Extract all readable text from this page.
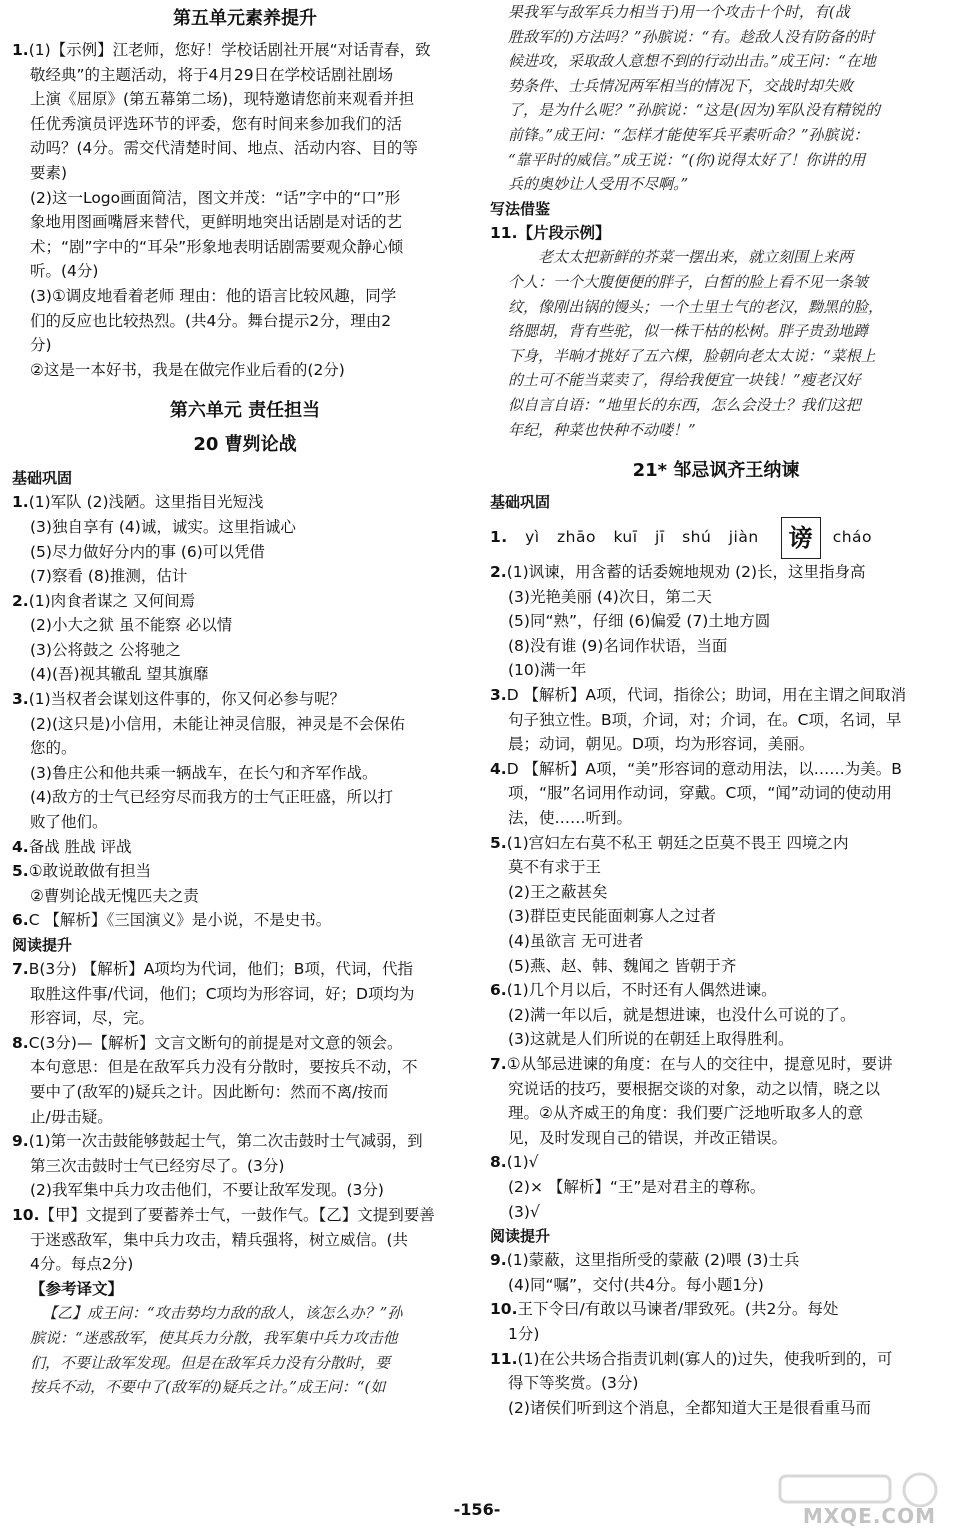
第五单元素养提升

1.(1)【示例】江老师，您好！学校话剧社开展“对话青春，致

敬经典”的主题活动，将于4月29日在学校话剧社剧场

上演《屈原》(第五幕第二场)，现特邀请您前来观看并担

任优秀演员评选环节的评委，您有时间来参加我们的活

动吗？(4分。需交代清楚时间、地点、活动内容、目的等

要素)

(2)这一Logo画面简洁，图文并茂：“话”字中的“口”形

象地用图画嘴唇来替代，更鲜明地突出话剧是对话的艺

术；“剧”字中的“耳朵”形象地表明话剧需要观众静心倾

听。(4分)

(3)①调皮地看着老师 理由：他的语言比较风趣，同学

们的反应也比较热烈。(共4分。舞台提示2分，理由2

分)

②这是一本好书，我是在做完作业后看的(2分)

第六单元 责任担当
20 曹刿论战
基础巩固

1.(1)军队 (2)浅陋。这里指目光短浅

(3)独自享有 (4)诚，诚实。这里指诚心

(5)尽力做好分内的事 (6)可以凭借

(7)察看 (8)推测，估计

2.(1)肉食者谋之 又何间焉

(2)小大之狱 虽不能察 必以情

(3)公将鼓之 公将驰之

(4)(吾)视其辙乱 望其旗靡

3.(1)当权者会谋划这件事的，你又何必参与呢？

(2)(这只是)小信用，未能让神灵信服，神灵是不会保佑

您的。

(3)鲁庄公和他共乘一辆战车，在长勺和齐军作战。

(4)敌方的士气已经穷尽而我方的士气正旺盛，所以打

败了他们。

4.备战 胜战 评战

5.①敢说敢做有担当

②曹刿论战无愧匹夫之责

6.C 【解析】《三国演义》是小说，不是史书。

阅读提升

7.B(3分) 【解析】A项均为代词，他们；B项，代词，代指

取胜这件事/代词，他们；C项均为形容词，好；D项均为

形容词，尽，完。

8.C(3分)—【解析】文言文断句的前提是对文意的领会。

本句意思：但是在敌军兵力没有分散时，要按兵不动，不

要中了(敌军的)疑兵之计。因此断句：然而不离/按而

止/毋击疑。

9.(1)第一次击鼓能够鼓起士气，第二次击鼓时士气减弱，到

第三次击鼓时士气已经穷尽了。(3分)

(2)我军集中兵力攻击他们，不要让敌军发现。(3分)

10.【甲】文提到了要蓄养士气，一鼓作气。【乙】文提到要善

于迷惑敌军，集中兵力攻击，精兵强将，树立威信。(共

4分。每点2分)

【参考译文】

【乙】成王问：“攻击势均力敌的敌人，该怎么办？”孙

膑说：“迷惑敌军，使其兵力分散，我军集中兵力攻击他

们，不要让敌军发现。但是在敌军兵力没有分散时，要

按兵不动，不要中了(敌军的)疑兵之计。”成王问：“(如

果我军与敌军兵力相当于)用一个攻击十个时，有(战

胜敌军的)方法吗？”孙膑说：“有。趁敌人没有防备的时

候进攻，采取敌人意想不到的行动出击。”成王问：“在地

势条件、士兵情况两军相当的情况下，交战时却失败

了，是为什么呢？”孙膑说：“这是(因为)军队没有精锐的

前锋。”成王问：“怎样才能使军兵平素听命？”孙膑说：

“靠平时的威信。”成王说：“(你)说得太好了！你讲的用

兵的奥妙让人受用不尽啊。”

写法借鉴

11.【片段示例】

老太太把新鲜的芥菜一摆出来，就立刻围上来两

个人：一个大腹便便的胖子，白皙的脸上看不见一条皱

纹，像刚出锅的馒头；一个土里土气的老汉，黝黑的脸，

络腮胡，背有些驼，似一株干枯的松树。胖子贵劲地蹲

下身，半晌才挑好了五六棵，脸朝向老太太说：“菜根上

的土可不能当菜卖了，得给我便宜一块钱！”瘦老汉好

似自言自语：“地里长的东西，怎么会没土？我们这把

年纪，种菜也快种不动喽！”

21* 邹忌讽齐王纳谏
基础巩固

1. yì zhāo kuī jī shú jiàn 谤 cháo

2.(1)讽谏，用含蓄的话委婉地规劝 (2)长，这里指身高

(3)光艳美丽 (4)次日，第二天

(5)同“熟”，仔细 (6)偏爱 (7)土地方圆

(8)没有谁 (9)名词作状语，当面

(10)满一年

3.D 【解析】A项，代词，指徐公；助词，用在主谓之间取消

句子独立性。B项，介词，对；介词，在。C项，名词，早

晨；动词，朝见。D项，均为形容词，美丽。

4.D 【解析】A项，“美”形容词的意动用法，以……为美。B

项，“服”名词用作动词，穿戴。C项，“闻”动词的使动用

法，使……听到。

5.(1)宫妇左右莫不私王 朝廷之臣莫不畏王 四境之内

莫不有求于王

(2)王之蔽甚矣

(3)群臣吏民能面刺寡人之过者

(4)虽欲言 无可进者

(5)燕、赵、韩、魏闻之 皆朝于齐

6.(1)几个月以后，不时还有人偶然进谏。

(2)满一年以后，就是想进谏，也没什么可说的了。

(3)这就是人们所说的在朝廷上取得胜利。

7.①从邹忌进谏的角度：在与人的交往中，提意见时，要讲

究说话的技巧，要根据交谈的对象，动之以情，晓之以

理。②从齐威王的角度：我们要广泛地听取多人的意

见，及时发现自己的错误，并改正错误。

8.(1)√

(2)× 【解析】“王”是对君主的尊称。

(3)√

阅读提升

9.(1)蒙蔽，这里指所受的蒙蔽 (2)喂 (3)士兵

(4)同“嘱”，交付(共4分。每小题1分)

10.王下令曰/有敢以马谏者/罪致死。(共2分。每处

1分)

11.(1)在公共场合指责讥刺(寡人的)过失，使我听到的，可

得下等奖赏。(3分)

(2)诸侯们听到这个消息，全都知道大王是很看重马而

-156-	MXQE.COM
